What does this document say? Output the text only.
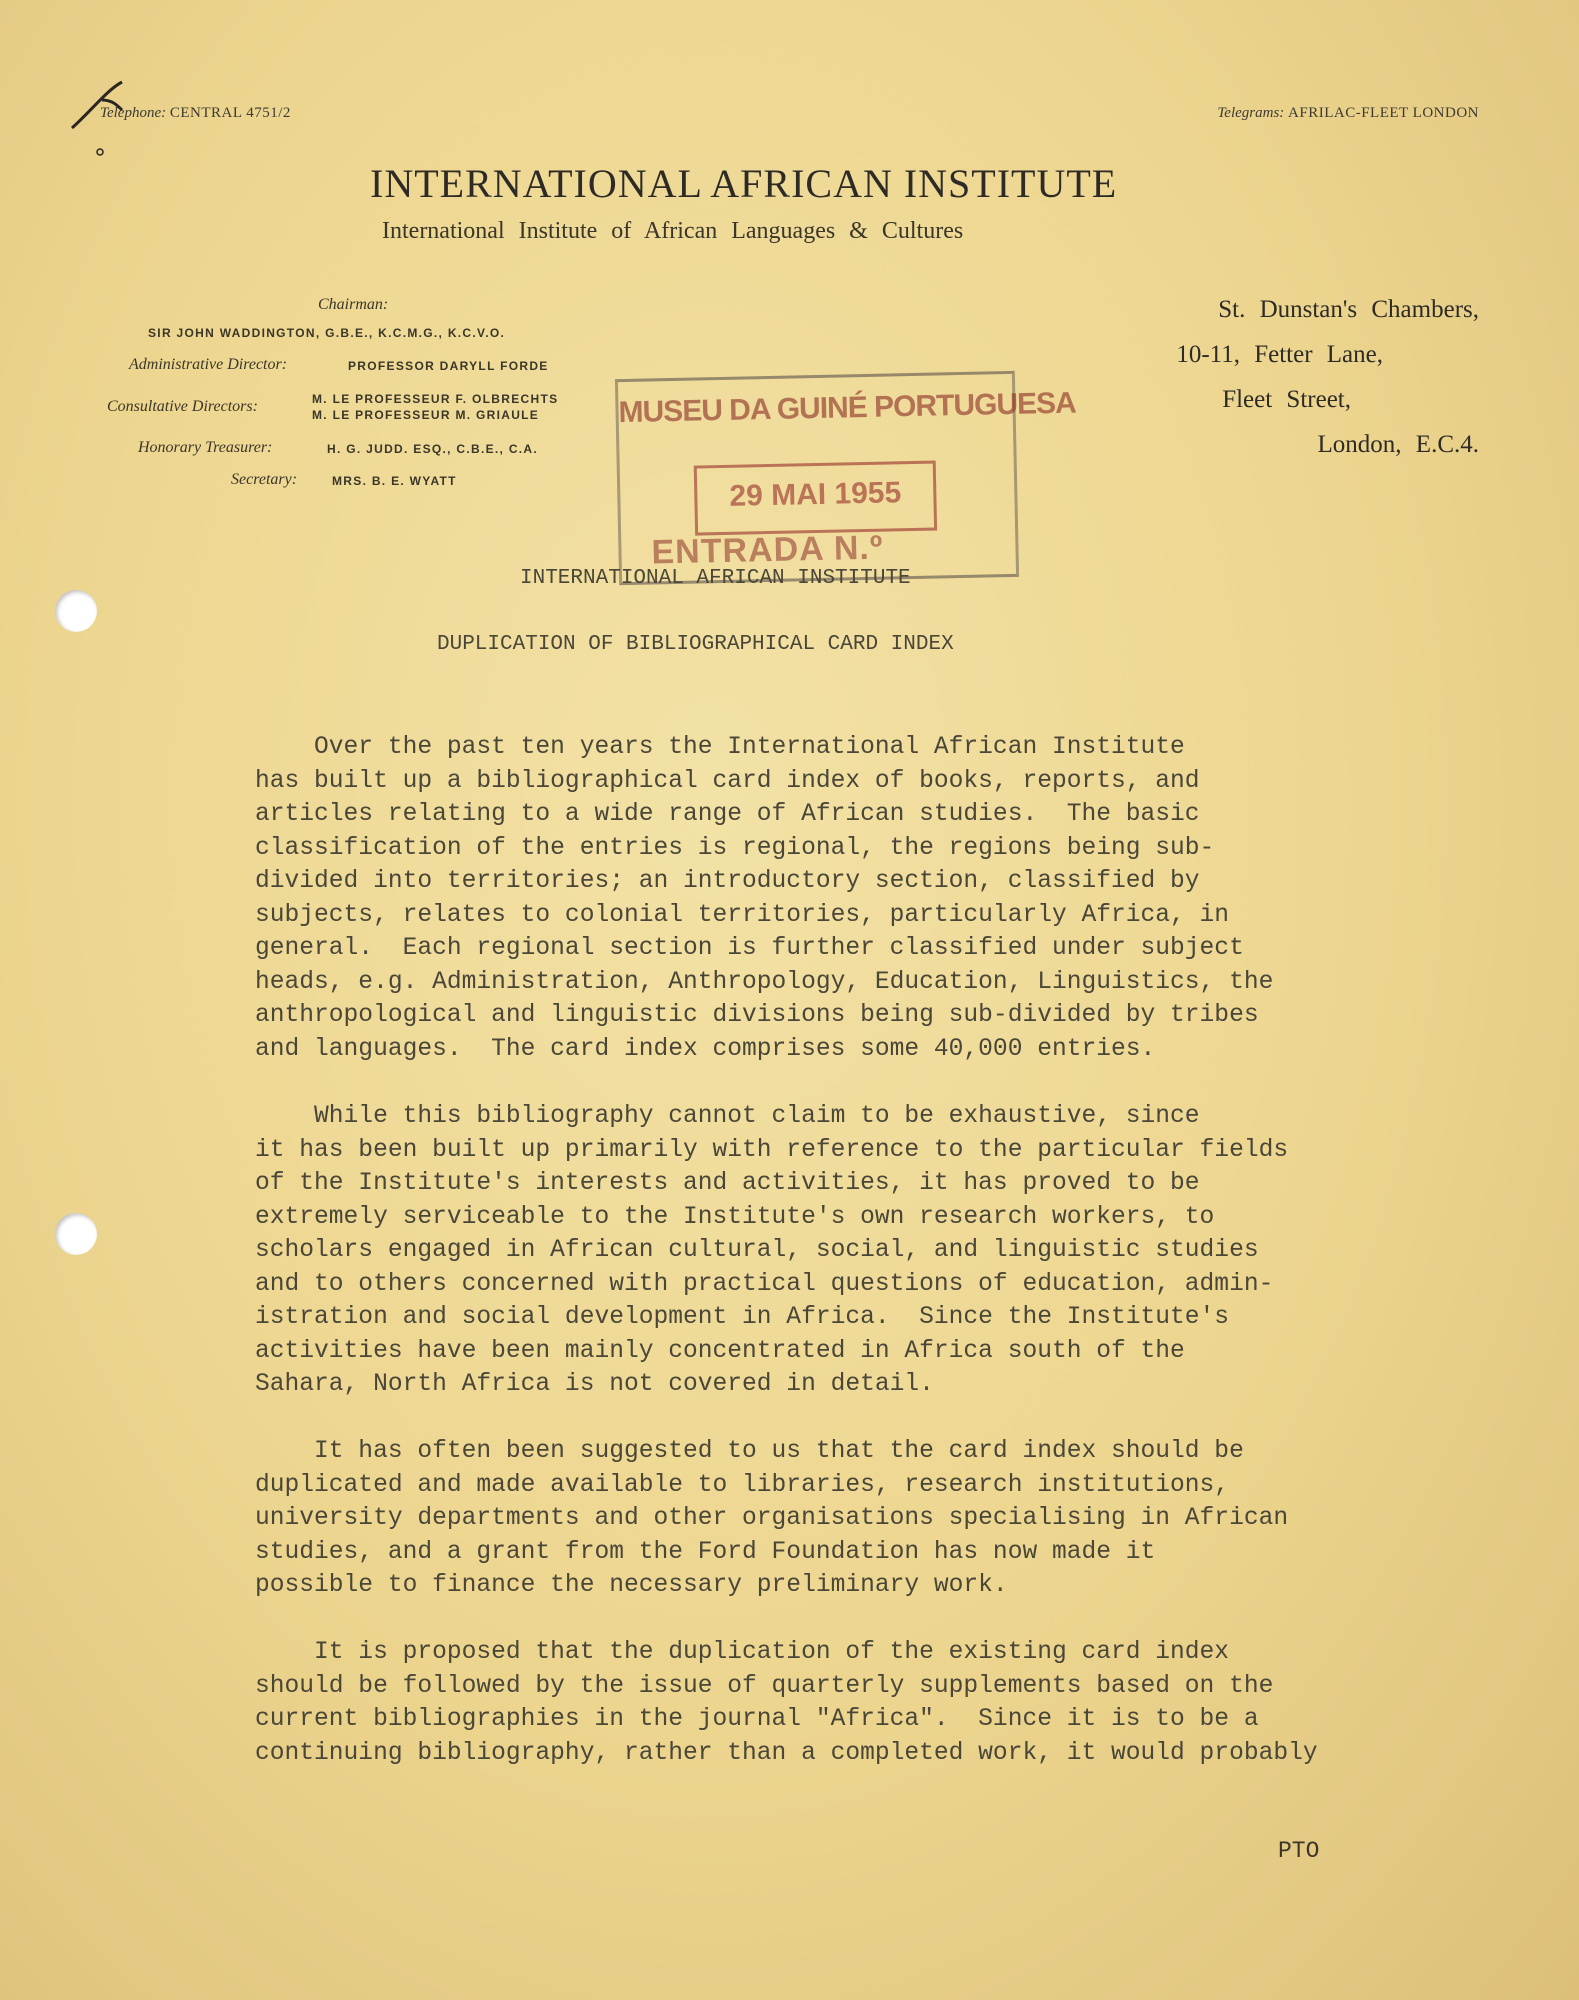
Telephone: CENTRAL 4751/2	Telegrams: AFRILAC-FLEET LONDON
INTERNATIONAL AFRICAN INSTITUTE
International Institute of African Languages & Cultures
Chairman:
SIR JOHN WADDINGTON, G.B.E., K.C.M.G., K.C.V.O.
Administrative Director:	PROFESSOR DARYLL FORDE
Consultative Directors:	M. LE PROFESSEUR F. OLBRECHTS
M. LE PROFESSEUR M. GRIAULE
Honorary Treasurer:	H. G. JUDD. ESQ., C.B.E., C.A.
Secretary:	MRS. B. E. WYATT
St. Dunstan's Chambers,
10-11, Fetter Lane,
Fleet Street,
London, E.C.4.
MUSEU DA GUINÉ PORTUGUESA
29 MAI 1955
ENTRADA N.º
INTERNATIONAL AFRICAN INSTITUTE
DUPLICATION OF BIBLIOGRAPHICAL CARD INDEX
Over the past ten years the International African Institute
has built up a bibliographical card index of books, reports, and
articles relating to a wide range of African studies.  The basic
classification of the entries is regional, the regions being sub-
divided into territories; an introductory section, classified by
subjects, relates to colonial territories, particularly Africa, in
general.  Each regional section is further classified under subject
heads, e.g. Administration, Anthropology, Education, Linguistics, the
anthropological and linguistic divisions being sub-divided by tribes
and languages.  The card index comprises some 40,000 entries.
While this bibliography cannot claim to be exhaustive, since
it has been built up primarily with reference to the particular fields
of the Institute's interests and activities, it has proved to be
extremely serviceable to the Institute's own research workers, to
scholars engaged in African cultural, social, and linguistic studies
and to others concerned with practical questions of education, admin-
istration and social development in Africa.  Since the Institute's
activities have been mainly concentrated in Africa south of the
Sahara, North Africa is not covered in detail.
It has often been suggested to us that the card index should be
duplicated and made available to libraries, research institutions,
university departments and other organisations specialising in African
studies, and a grant from the Ford Foundation has now made it
possible to finance the necessary preliminary work.
It is proposed that the duplication of the existing card index
should be followed by the issue of quarterly supplements based on the
current bibliographies in the journal "Africa".  Since it is to be a
continuing bibliography, rather than a completed work, it would probably
PTO
